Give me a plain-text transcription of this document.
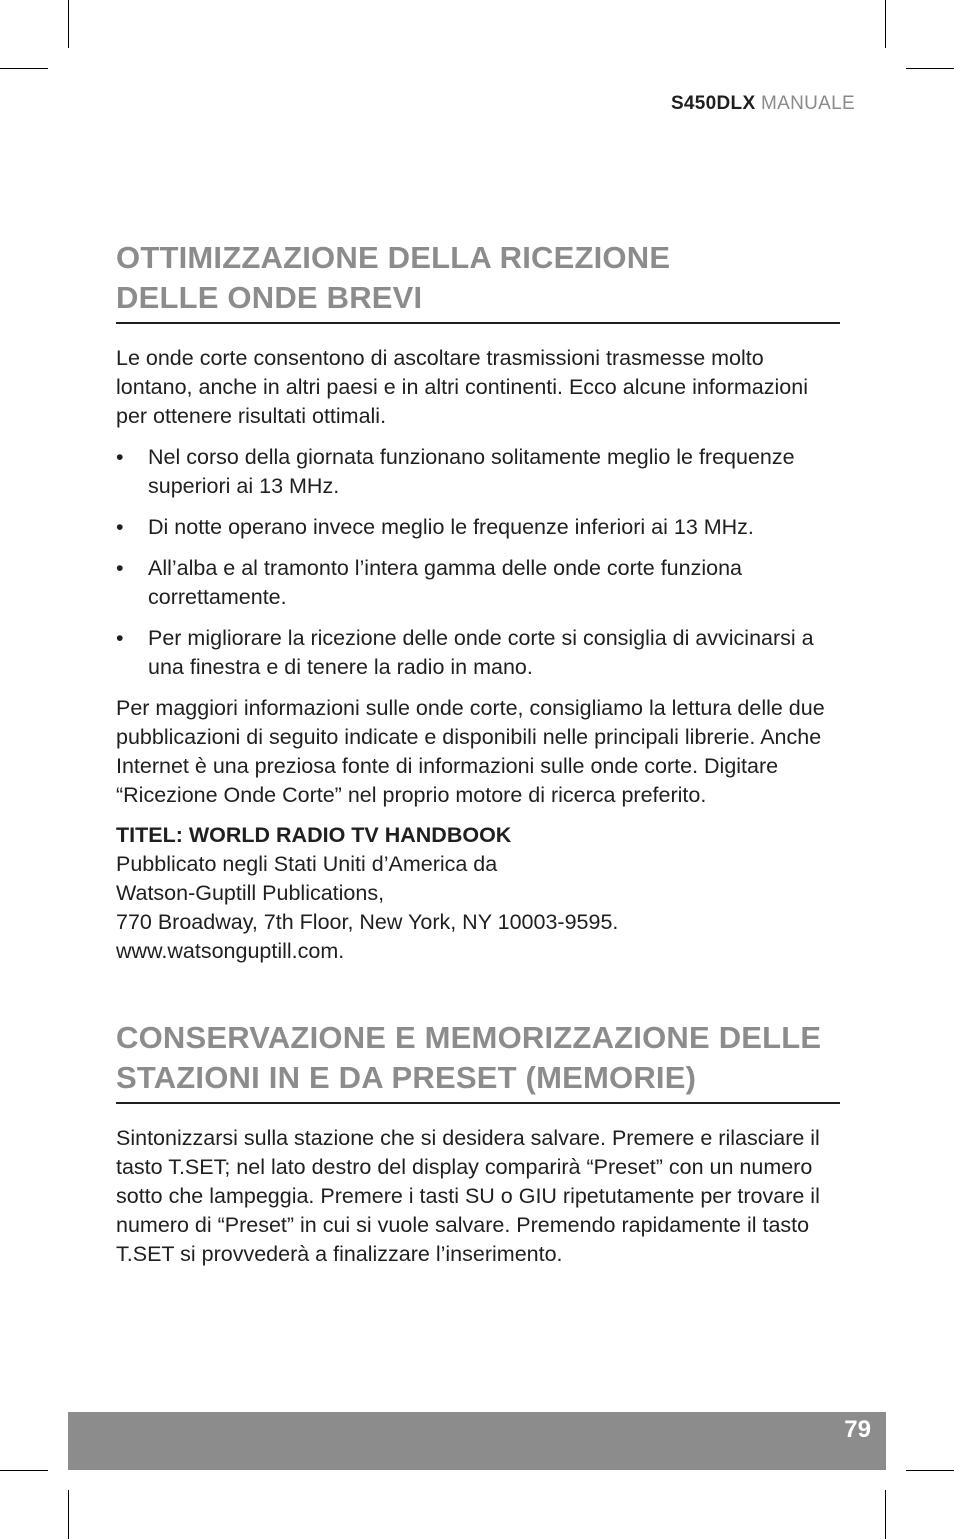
S450DLX MANUALE
OTTIMIZZAZIONE DELLA RICEZIONE
DELLE ONDE BREVI

Le onde corte consentono di ascoltare trasmissioni trasmesse molto lontano, anche in altri paesi e in altri continenti. Ecco alcune informazioni per ottenere risultati ottimali.

• Nel corso della giornata funzionano solitamente meglio le frequenze superiori ai 13 MHz.
• Di notte operano invece meglio le frequenze inferiori ai 13 MHz.
• All’alba e al tramonto l’intera gamma delle onde corte funziona correttamente.
• Per migliorare la ricezione delle onde corte si consiglia di avvicinarsi a una finestra e di tenere la radio in mano.

Per maggiori informazioni sulle onde corte, consigliamo la lettura delle due pubblicazioni di seguito indicate e disponibili nelle principali librerie. Anche Internet è una preziosa fonte di informazioni sulle onde corte. Digitare “Ricezione Onde Corte” nel proprio motore di ricerca preferito.

TITEL: WORLD RADIO TV HANDBOOK
Pubblicato negli Stati Uniti d’America da
Watson-Guptill Publications,
770 Broadway, 7th Floor, New York, NY 10003-9595.
www.watsonguptill.com.
CONSERVAZIONE E MEMORIZZAZIONE DELLE
STAZIONI IN E DA PRESET (MEMORIE)

Sintonizzarsi sulla stazione che si desidera salvare. Premere e rilasciare il tasto T.SET; nel lato destro del display comparirà “Preset” con un numero sotto che lampeggia. Premere i tasti SU o GIU ripetutamente per trovare il numero di “Preset” in cui si vuole salvare. Premendo rapidamente il tasto T.SET si provvederà a finalizzare l’inserimento.

79
